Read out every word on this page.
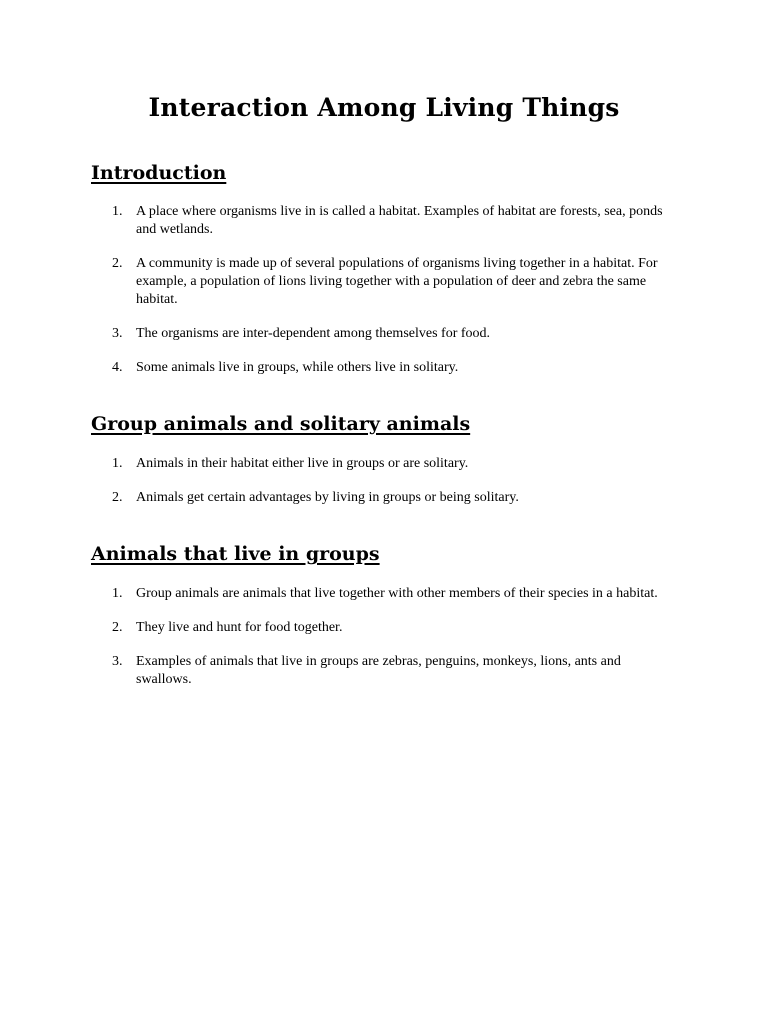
Interaction Among Living Things
Introduction
1. A place where organisms live in is called a habitat. Examples of habitat are forests, sea, ponds and wetlands.
2. A community is made up of several populations of organisms living together in a habitat. For example, a population of lions living together with a population of deer and zebra the same habitat.
3. The organisms are inter-dependent among themselves for food.
4. Some animals live in groups, while others live in solitary.
Group animals and solitary animals
1. Animals in their habitat either live in groups or are solitary.
2. Animals get certain advantages by living in groups or being solitary.
Animals that live in groups
1. Group animals are animals that live together with other members of their species in a habitat.
2. They live and hunt for food together.
3. Examples of animals that live in groups are zebras, penguins, monkeys, lions, ants and swallows.
